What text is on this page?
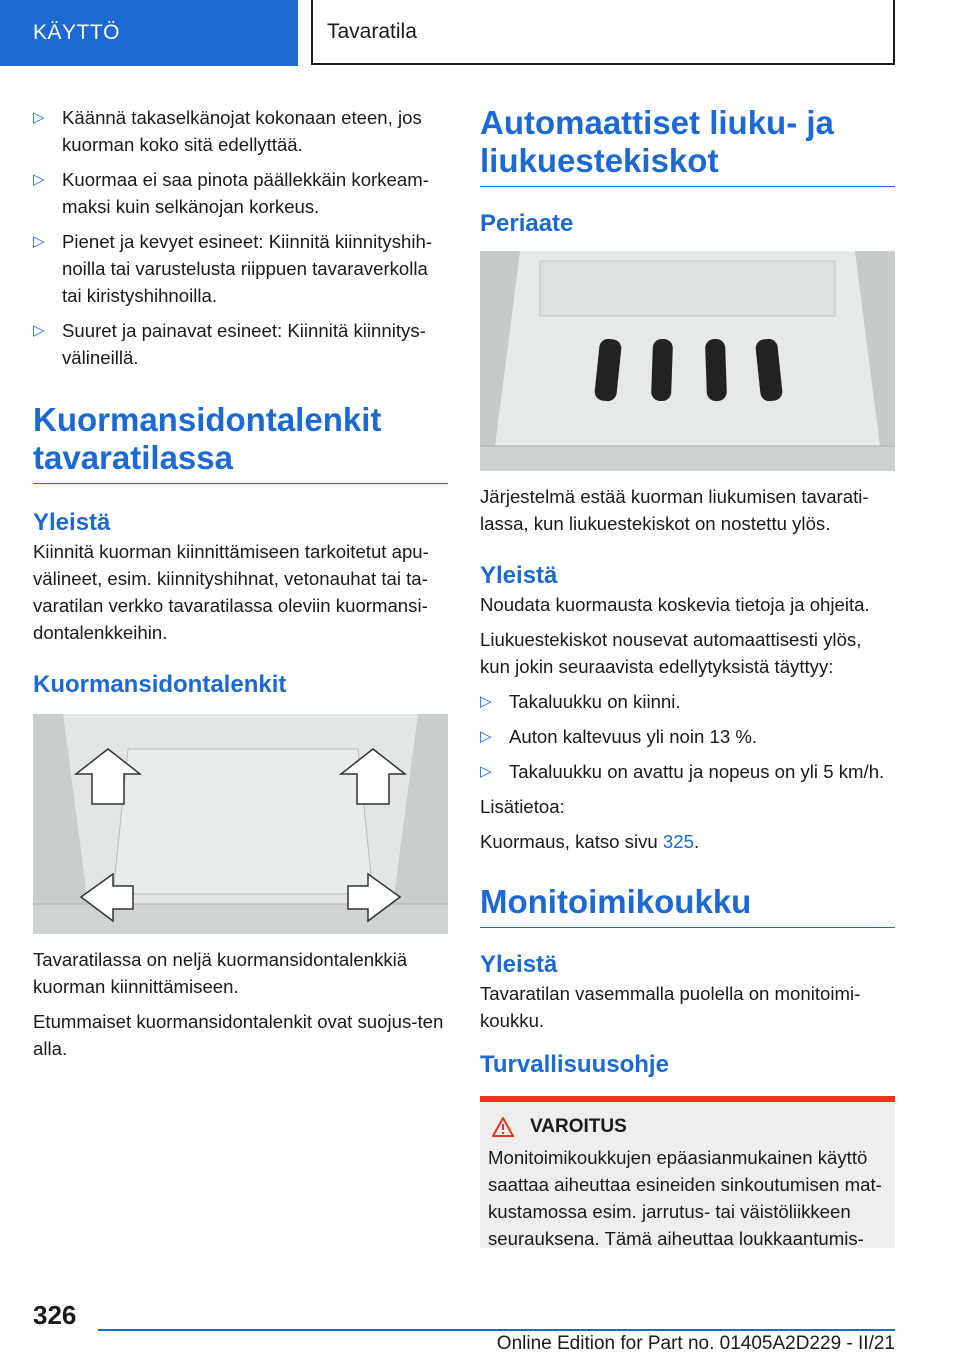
KÄYTTÖ	Tavaratila
▷ Käännä takaselkänojat kokonaan eteen, jos kuorman koko sitä edellyttää.
▷ Kuormaa ei saa pinota päällekkäin korkeam‐maksi kuin selkänojan korkeus.
▷ Pienet ja kevyet esineet: Kiinnitä kiinnityshih‐noilla tai varustelusta riippuen tavaraverkolla tai kiristyshihnoilla.
▷ Suuret ja painavat esineet: Kiinnitä kiinnitys‐välineillä.
Kuormansidontalenkit tavaratilassa
Yleistä

Kiinnitä kuorman kiinnittämiseen tarkoitetut apu‐välineet, esim. kiinnityshihnat, vetonauhat tai ta‐varatilan verkko tavaratilassa oleviin kuormansi‐dontalenkkeihin.

Kuormansidontalenkit

Tavaratilassa on neljä kuormansidontalenkkiä kuorman kiinnittämiseen.

Etummaiset kuormansidontalenkit ovat suojus‐ten alla.

Automaattiset liuku- ja liukuestekiskot
Periaate

Järjestelmä estää kuorman liukumisen tavarati‐lassa, kun liukuestekiskot on nostettu ylös.

Yleistä

Noudata kuormausta koskevia tietoja ja ohjeita.

Liukuestekiskot nousevat automaattisesti ylös, kun jokin seuraavista edellytyksistä täyttyy:

▷ Takaluukku on kiinni.
▷ Auton kaltevuus yli noin 13 %.
▷ Takaluukku on avattu ja nopeus on yli 5 km/h.

Lisätietoa:

Kuormaus, katso sivu 325.

Monitoimikoukku
Yleistä

Tavaratilan vasemmalla puolella on monitoimi‐koukku.

Turvallisuusohje
VAROITUS

Monitoimikoukkujen epäasianmukainen käyttö saattaa aiheuttaa esineiden sinkoutumisen mat‐kustamossa esim. jarrutus- tai väistöliikkeen seurauksena. Tämä aiheuttaa loukkaantumis‐

326
Online Edition for Part no. 01405A2D229 - II/21
